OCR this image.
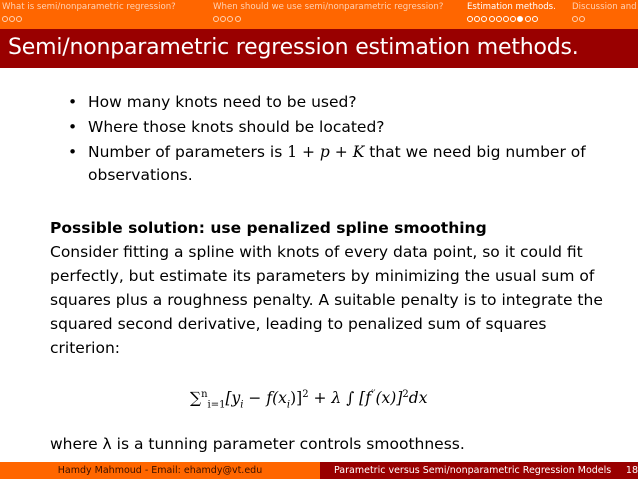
What is semi/nonparametric regression?	When should we use semi/nonparametric regression?	Estimation methods. Discussion and
Semi/nonparametric regression estimation methods.
• How many knots need to be used?
• Where those knots should be located?
• Number of parameters is 1 + p + K that we need big number of observations.
Possible solution: use penalized spline smoothing
Consider fitting a spline with knots of every data point, so it could fit perfectly, but estimate its parameters by minimizing the usual sum of squares plus a roughness penalty. A suitable penalty is to integrate the squared second derivative, leading to penalized sum of squares criterion:
$\sum^n_{i=1}[y_i - f(x_i)]^2 + \lambda$ ∫ $[f''(x)]^2dx$
where λ is a tunning parameter controls smoothness.
Hamdy Mahmoud - Email: ehamdy@vt.edu	Parametric versus Semi/nonparametric Regression Models 18
